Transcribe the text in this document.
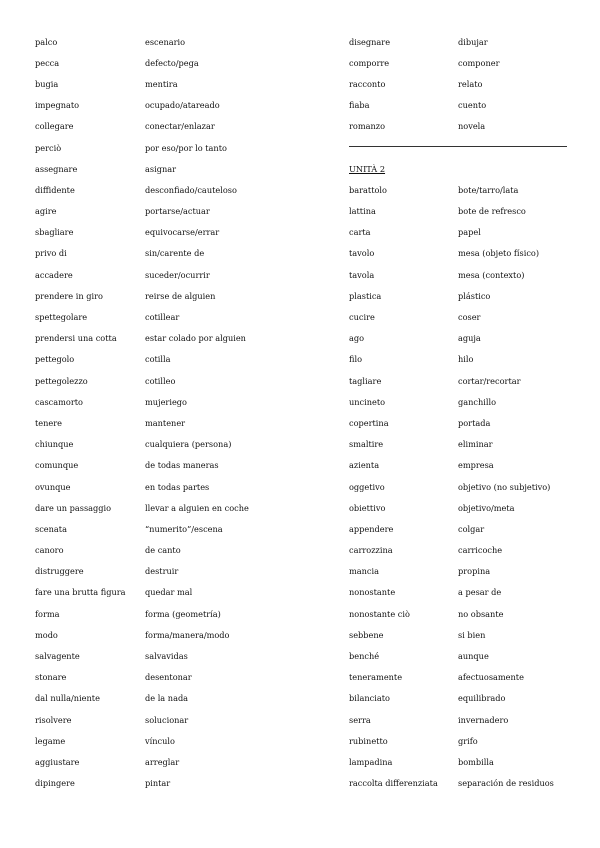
palco	escenario
pecca	defecto/pega
bugia	mentira
impegnato	ocupado/atareado
collegare	conectar/enlazar
perciò	por eso/por lo tanto
assegnare	asignar
diffidente	desconfiado/cauteloso
agire	portarse/actuar
sbagliare	equivocarse/errar
privo di	sin/carente de
accadere	suceder/ocurrir
prendere in giro	reirse de alguien
spettegolare	cotillear
prendersi una cotta	estar colado por alguien
pettegolo	cotilla
pettegolezzo	cotilleo
cascamorto	mujeriego
tenere	mantener
chiunque	cualquiera (persona)
comunque	de todas maneras
ovunque	en todas partes
dare un passaggio	llevar a alguien en coche
scenata	“numerito”/escena
canoro	de canto
distruggere	destruir
fare una brutta figura	quedar mal
forma	forma (geometría)
modo	forma/manera/modo
salvagente	salvavidas
stonare	desentonar
dal nulla/niente	de la nada
risolvere	solucionar
legame	vínculo
aggiustare	arreglar
dipingere	pintar
disegnare	dibujar
comporre	componer
racconto	relato
fiaba	cuento
romanzo	novela
UNITÀ 2
barattolo	bote/tarro/lata
lattina	bote de refresco
carta	papel
tavolo	mesa (objeto físico)
tavola	mesa (contexto)
plastica	plástico
cucire	coser
ago	aguja
filo	hilo
tagliare	cortar/recortar
uncineto	ganchillo
copertina	portada
smaltire	eliminar
azienta	empresa
oggetivo	objetivo (no subjetivo)
obiettivo	objetivo/meta
appendere	colgar
carrozzina	carricoche
mancia	propina
nonostante	a pesar de
nonostante ciò	no obsante
sebbene	si bien
benché	aunque
teneramente	afectuosamente
bilanciato	equilibrado
serra	invernadero
rubinetto	grifo
lampadina	bombilla
raccolta differenziata	separación de residuos
